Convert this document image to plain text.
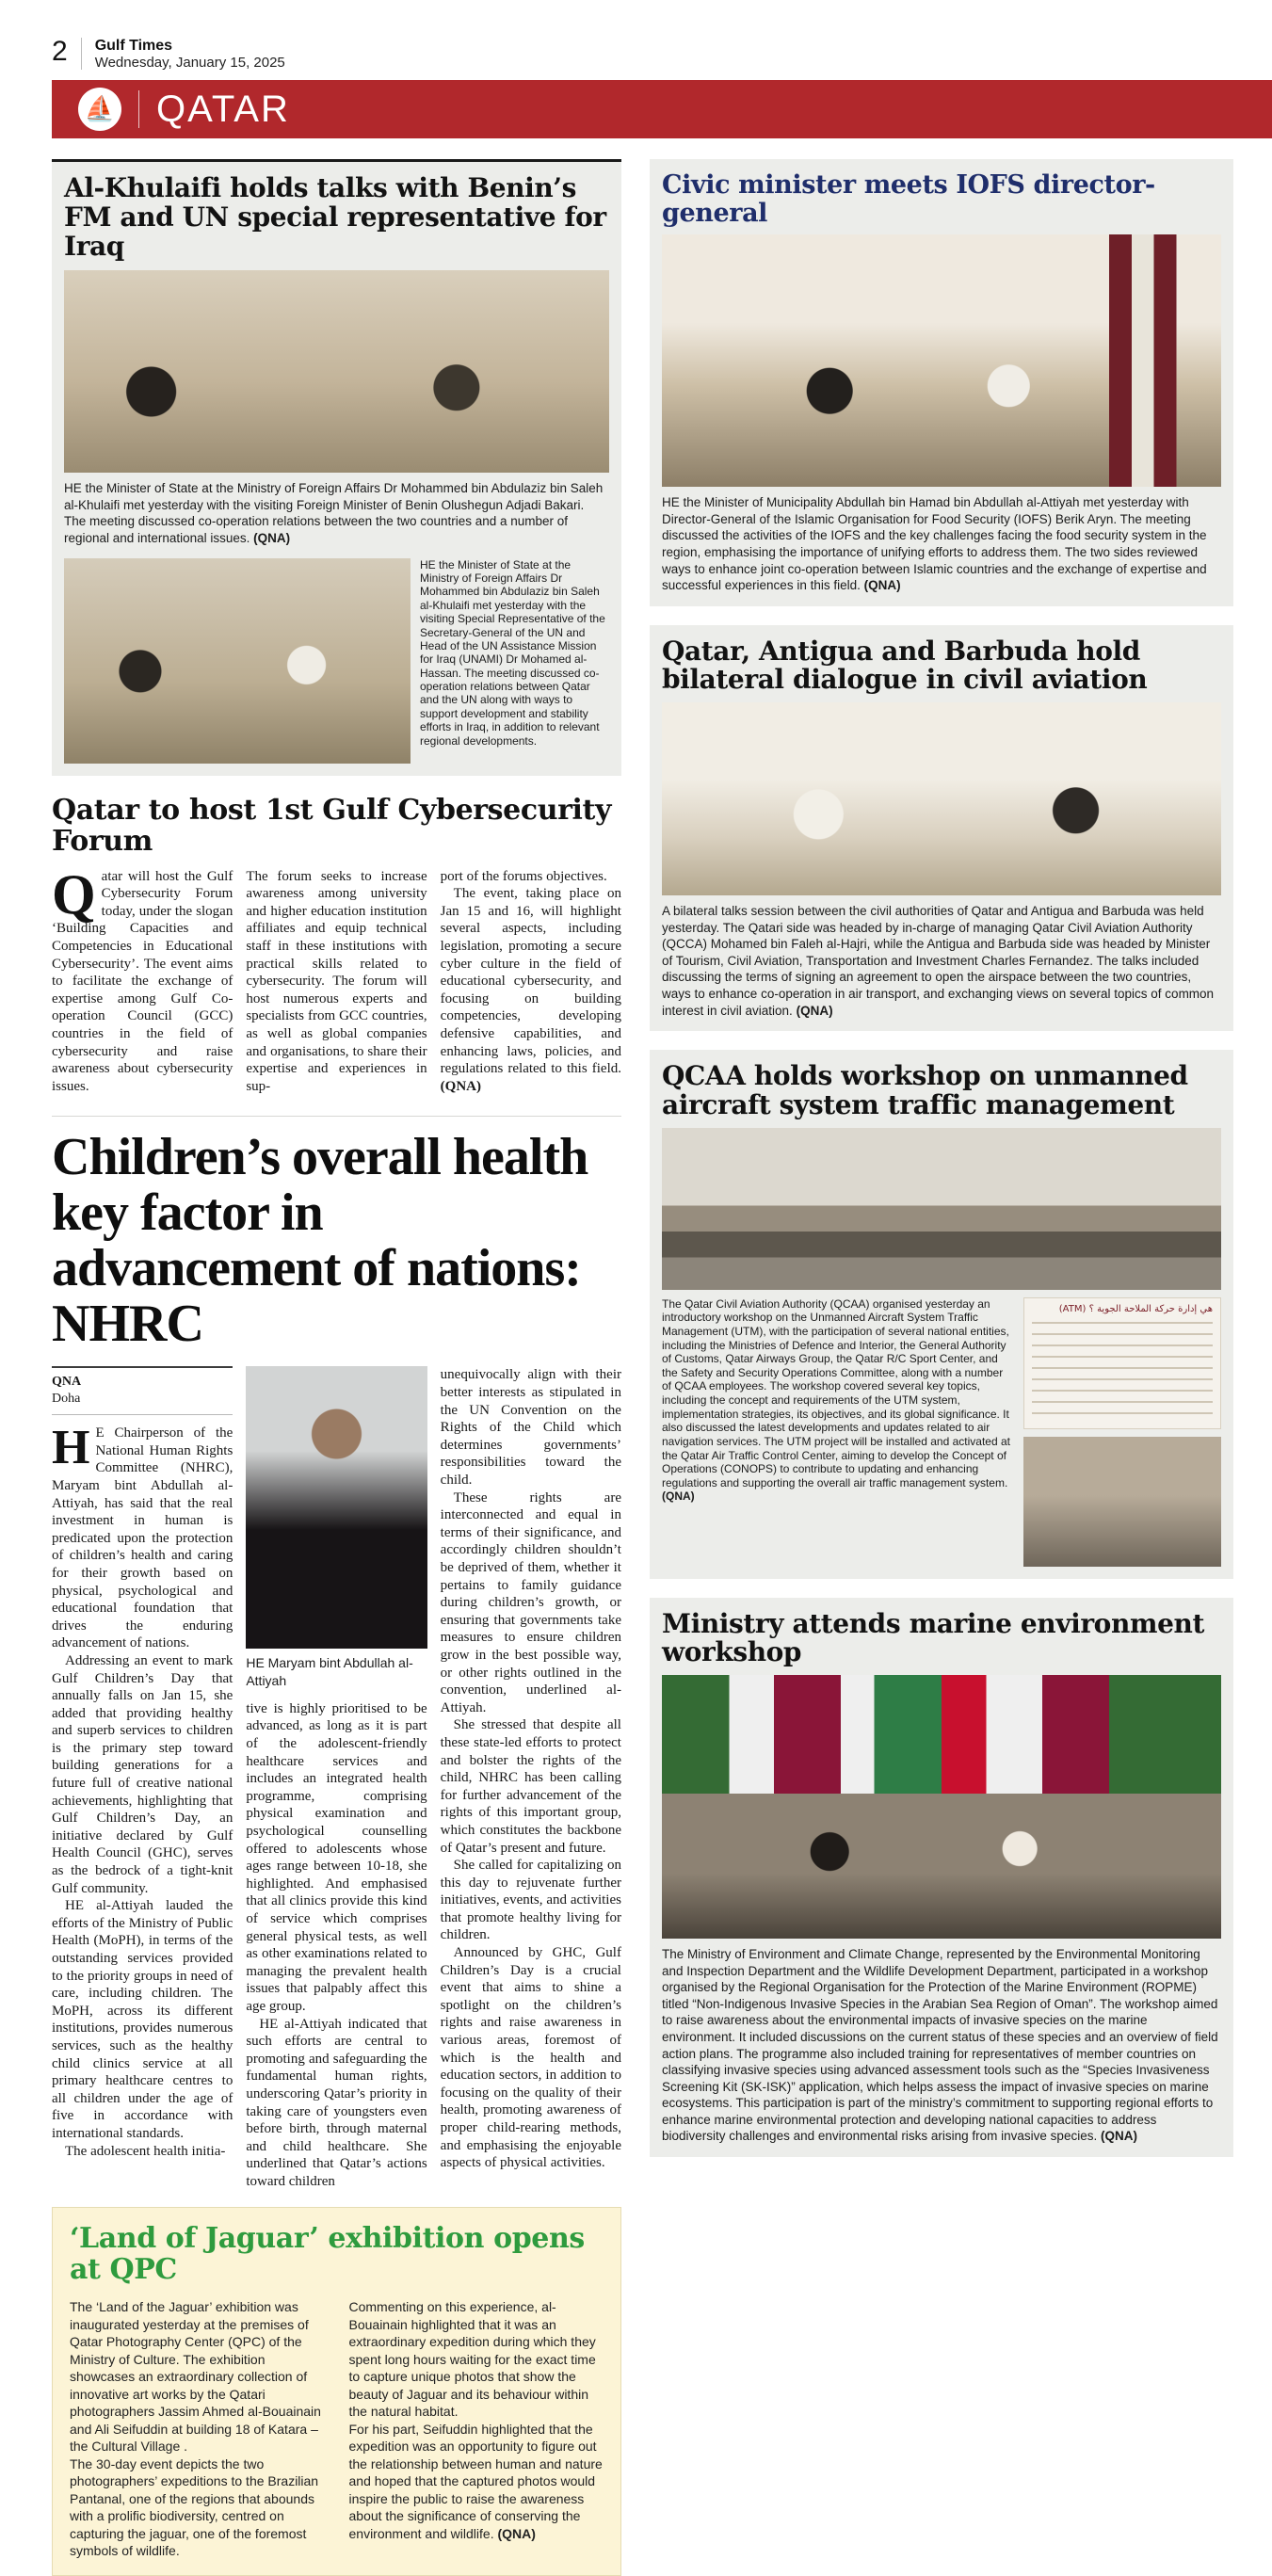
2 Gulf Times
Wednesday, January 15, 2025
⛵ QATAR
Al-Khulaifi holds talks with Benin’s FM and UN special representative for Iraq

HE the Minister of State at the Ministry of Foreign Affairs Dr Mohammed bin Abdulaziz bin Saleh al-Khulaifi met yesterday with the visiting Foreign Minister of Benin Olushegun Adjadi Bakari. The meeting discussed co-operation relations between the two countries and a number of regional and international issues. (QNA)

HE the Minister of State at the Ministry of Foreign Affairs Dr Mohammed bin Abdulaziz bin Saleh al-Khulaifi met yesterday with the visiting Special Representative of the Secretary-General of the UN and Head of the UN Assistance Mission for Iraq (UNAMI) Dr Mohamed al-Hassan. The meeting discussed co-operation relations between Qatar and the UN along with ways to support development and stability efforts in Iraq, in addition to relevant regional developments.

Qatar to host 1st Gulf Cybersecurity Forum

Qatar will host the Gulf Cybersecurity Forum today, under the slogan ‘Building Capacities and Competencies in Educational Cybersecurity’. The event aims to facilitate the exchange of expertise among Gulf Co-operation Council (GCC) countries in the field of cybersecurity and raise awareness about cybersecurity issues.

The forum seeks to increase awareness among university and higher education institution affiliates and equip technical staff in these institutions with practical skills related to cybersecurity. The forum will host numerous experts and specialists from GCC countries, as well as global companies and organisations, to share their expertise and experiences in sup-

port of the forums objectives.

The event, taking place on Jan 15 and 16, will highlight several aspects, including legislation, promoting a secure cyber culture in the field of educational cybersecurity, and focusing on building competencies, developing defensive capabilities, and enhancing laws, policies, and regulations related to this field. (QNA)

Children’s overall health key factor in advancement of nations: NHRC
QNA
Doha

H E Chairperson of the National Human Rights Committee (NHRC), Maryam bint Abdullah al-Attiyah, has said that the real investment in human is predicated upon the protection of children’s health and caring for their growth based on physical, psychological and educational foundation that drives the enduring advancement of nations.

Addressing an event to mark Gulf Children’s Day that annually falls on Jan 15, she added that providing healthy and superb services to children is the primary step toward building generations for a future full of creative national achievements, highlighting that Gulf Children’s Day, an initiative declared by Gulf Health Council (GHC), serves as the bedrock of a tight-knit Gulf community.

HE al-Attiyah lauded the efforts of the Ministry of Public Health (MoPH), in terms of the outstanding services provided to the priority groups in need of care, including children. The MoPH, across its different institutions, provides numerous services, such as the healthy child clinics service at all primary healthcare centres to all children under the age of five in accordance with international standards.

The adolescent health initia-

HE Maryam bint Abdullah al-Attiyah

tive is highly prioritised to be advanced, as long as it is part of the adolescent-friendly healthcare services and includes an integrated health programme, comprising physical examination and psychological counselling offered to adolescents whose ages range between 10-18, she highlighted. And emphasised that all clinics provide this kind of service which comprises general physical tests, as well as other examinations related to managing the prevalent health issues that palpably affect this age group.

HE al-Attiyah indicated that such efforts are central to promoting and safeguarding the fundamental human rights, underscoring Qatar’s priority in taking care of youngsters even before birth, through maternal and child healthcare. She underlined that Qatar’s actions toward children

unequivocally align with their better interests as stipulated in the UN Convention on the Rights of the Child which determines governments’ responsibilities toward the child.

These rights are interconnected and equal in terms of their significance, and accordingly children shouldn’t be deprived of them, whether it pertains to family guidance during children’s growth, or ensuring that governments take measures to ensure children grow in the best possible way, or other rights outlined in the convention, underlined al-Attiyah.

She stressed that despite all these state-led efforts to protect and bolster the rights of the child, NHRC has been calling for further advancement of the rights of this important group, which constitutes the backbone of Qatar’s present and future.

She called for capitalizing on this day to rejuvenate further initiatives, events, and activities that promote healthy living for children.

Announced by GHC, Gulf Children’s Day is a crucial event that aims to shine a spotlight on the children’s rights and raise awareness in various areas, foremost of which is the health and education sectors, in addition to focusing on the quality of their health, promoting awareness of proper child-rearing methods, and emphasising the enjoyable aspects of physical activities.

‘Land of Jaguar’ exhibition opens at QPC

The ‘Land of the Jaguar’ exhibition was inaugurated yesterday at the premises of Qatar Photography Center (QPC) of the Ministry of Culture. The exhibition showcases an extraordinary collection of innovative art works by the Qatari photographers Jassim Ahmed al-Bouainain and Ali Seifuddin at building 18 of Katara – the Cultural Village .

The 30-day event depicts the two photographers’ expeditions to the Brazilian Pantanal, one of the regions that abounds with a prolific biodiversity, centred on capturing the jaguar, one of the foremost symbols of wildlife.

Commenting on this experience, al-Bouainain highlighted that it was an extraordinary expedition during which they spent long hours waiting for the exact time to capture unique photos that show the beauty of Jaguar and its behaviour within the natural habitat.

For his part, Seifuddin highlighted that the expedition was an opportunity to figure out the relationship between human and nature and hoped that the captured photos would inspire the public to raise the awareness about the significance of conserving the environment and wildlife. (QNA)

Civic minister meets IOFS director-general

HE the Minister of Municipality Abdullah bin Hamad bin Abdullah al-Attiyah met yesterday with Director-General of the Islamic Organisation for Food Security (IOFS) Berik Aryn. The meeting discussed the activities of the IOFS and the key challenges facing the food security system in the region, emphasising the importance of unifying efforts to address them. The two sides reviewed ways to enhance joint co-operation between Islamic countries and the exchange of expertise and successful experiences in this field. (QNA)

Qatar, Antigua and Barbuda hold bilateral dialogue in civil aviation

A bilateral talks session between the civil authorities of Qatar and Antigua and Barbuda was held yesterday. The Qatari side was headed by in-charge of managing Qatar Civil Aviation Authority (QCCA) Mohamed bin Faleh al-Hajri, while the Antigua and Barbuda side was headed by Minister of Tourism, Civil Aviation, Transportation and Investment Charles Fernandez. The talks included discussing the terms of signing an agreement to open the airspace between the two countries, ways to enhance co-operation in air transport, and exchanging views on several topics of common interest in civil aviation. (QNA)

QCAA holds workshop on unmanned aircraft system traffic management

The Qatar Civil Aviation Authority (QCAA) organised yesterday an introductory workshop on the Unmanned Aircraft System Traffic Management (UTM), with the participation of several national entities, including the Ministries of Defence and Interior, the General Authority of Customs, Qatar Airways Group, the Qatar R/C Sport Center, and the Safety and Security Operations Committee, along with a number of QCAA employees. The workshop covered several key topics, including the concept and requirements of the UTM system, implementation strategies, its objectives, and its global significance. It also discussed the latest developments and updates related to air navigation services. The UTM project will be installed and activated at the Qatar Air Traffic Control Center, aiming to develop the Concept of Operations (CONOPS) to contribute to updating and enhancing regulations and supporting the overall air traffic management system. (QNA)

(ATM) هي إدارة حركة الملاحة الجوية ؟
Ministry attends marine environment workshop

The Ministry of Environment and Climate Change, represented by the Environmental Monitoring and Inspection Department and the Wildlife Development Department, participated in a workshop organised by the Regional Organisation for the Protection of the Marine Environment (ROPME) titled “Non-Indigenous Invasive Species in the Arabian Sea Region of Oman”. The workshop aimed to raise awareness about the environmental impacts of invasive species on the marine environment. It included discussions on the current status of these species and an overview of field action plans. The programme also included training for representatives of member countries on classifying invasive species using advanced assessment tools such as the “Species Invasiveness Screening Kit (SK-ISK)” application, which helps assess the impact of invasive species on marine ecosystems. This participation is part of the ministry’s commitment to supporting regional efforts to enhance marine environmental protection and developing national capacities to address biodiversity challenges and environmental risks arising from invasive species. (QNA)
